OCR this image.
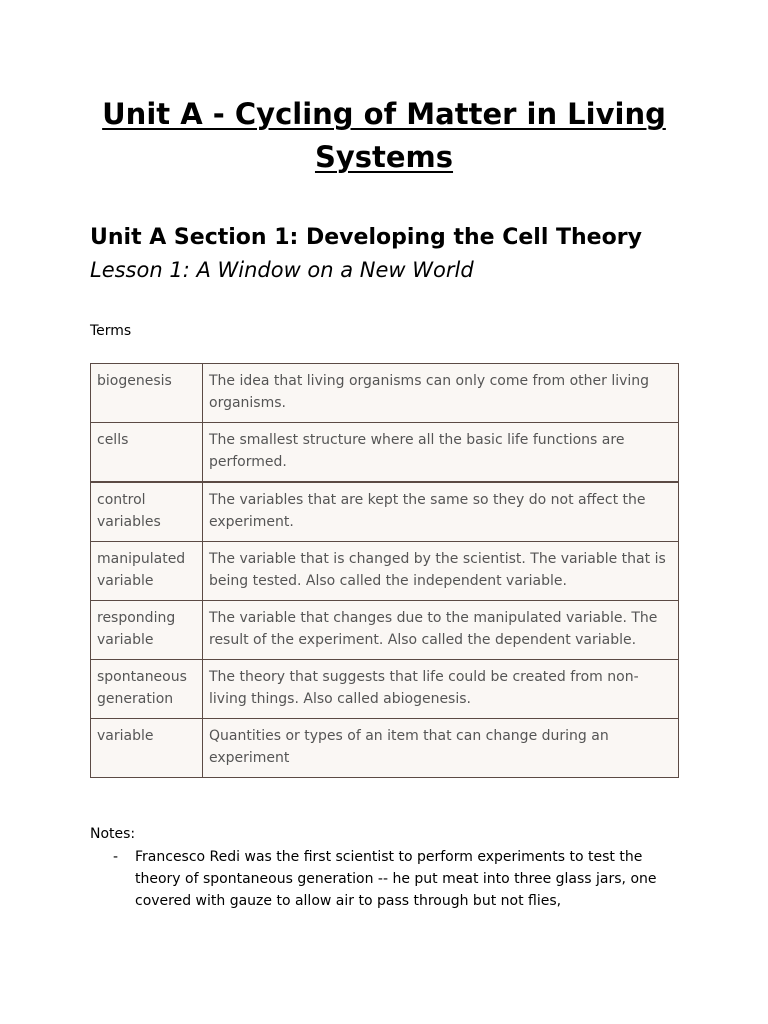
Unit A - Cycling of Matter in Living Systems
Unit A Section 1: Developing the Cell Theory
Lesson 1: A Window on a New World
Terms
biogenesis	The idea that living organisms can only come from other living organisms.
cells	The smallest structure where all the basic life functions are performed.
control variables	The variables that are kept the same so they do not affect the experiment.
manipulated variable	The variable that is changed by the scientist. The variable that is being tested. Also called the independent variable.
responding variable	The variable that changes due to the manipulated variable. The result of the experiment. Also called the dependent variable.
spontaneous generation	The theory that suggests that life could be created from non-living things. Also called abiogenesis.
variable	Quantities or types of an item that can change during an experiment
Notes:
- Francesco Redi was the first scientist to perform experiments to test the theory of spontaneous generation -- he put meat into three glass jars, one covered with gauze to allow air to pass through but not flies,
